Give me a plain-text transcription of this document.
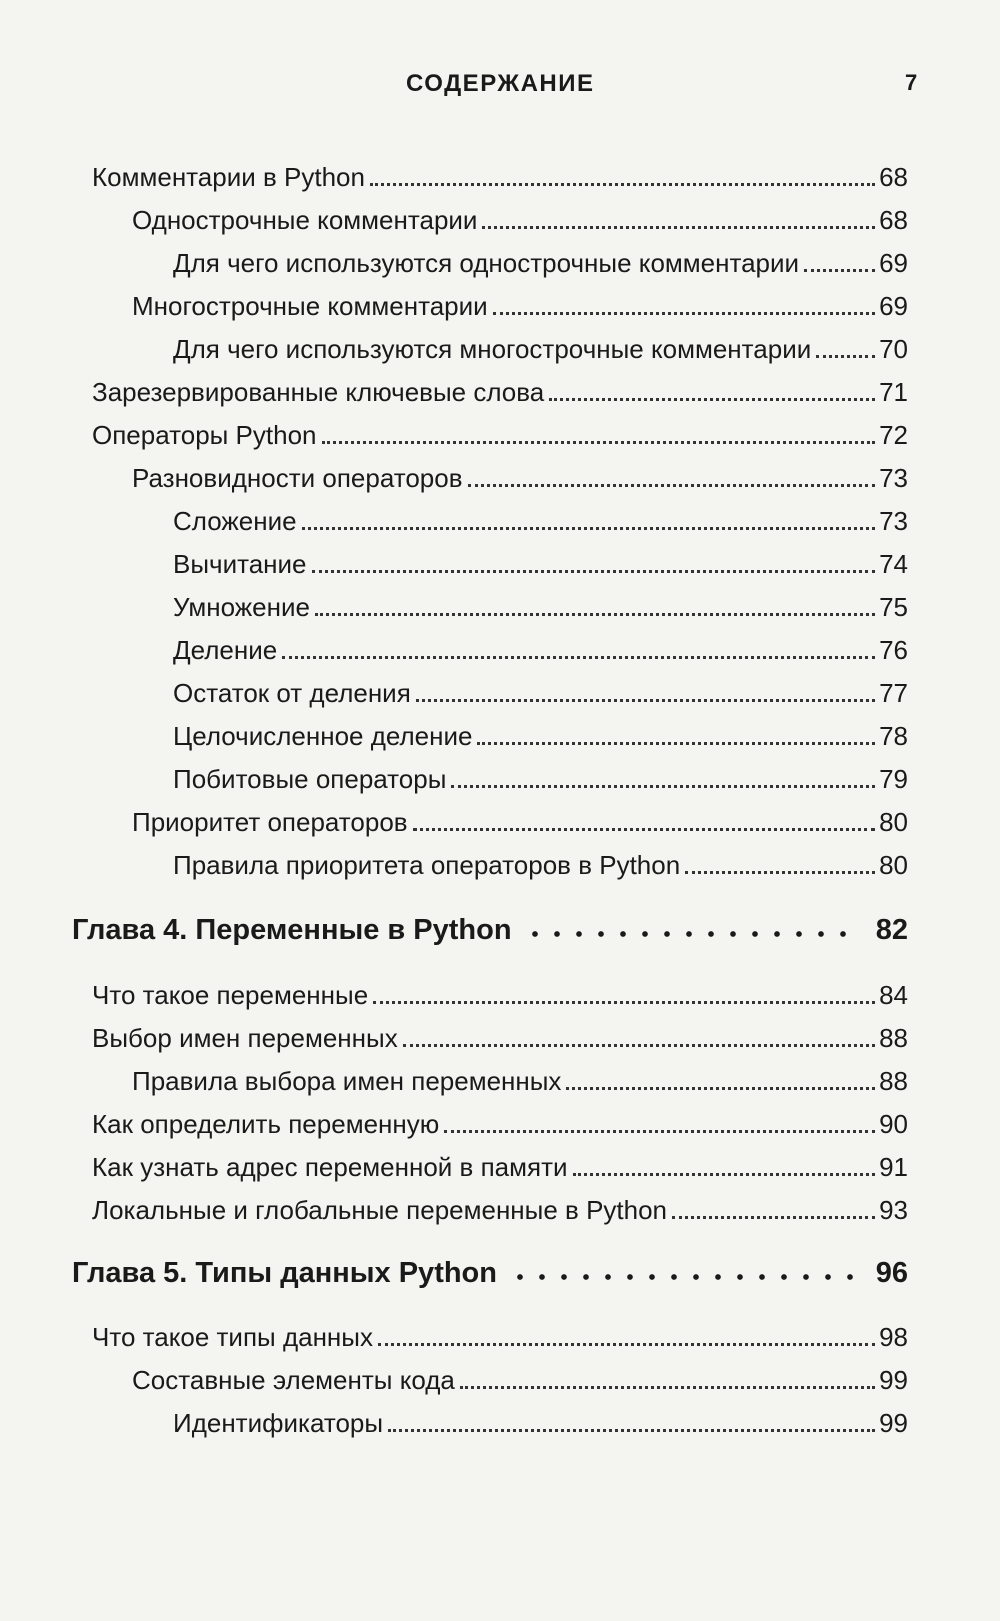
СОДЕРЖАНИЕ	7
Комментарии в Python	68
Однострочные комментарии	68
Для чего используются однострочные комментарии	69
Многострочные комментарии	69
Для чего используются многострочные комментарии	70
Зарезервированные ключевые слова	71
Операторы Python	72
Разновидности операторов	73
Сложение	73
Вычитание	74
Умножение	75
Деление	76
Остаток от деления	77
Целочисленное деление	78
Побитовые операторы	79
Приоритет операторов	80
Правила приоритета операторов в Python	80
Глава 4. Переменные в Python	82
Что такое переменные	84
Выбор имен переменных	88
Правила выбора имен переменных	88
Как определить переменную	90
Как узнать адрес переменной в памяти	91
Локальные и глобальные переменные в Python	93
Глава 5. Типы данных Python	96
Что такое типы данных	98
Составные элементы кода	99
Идентификаторы	99
